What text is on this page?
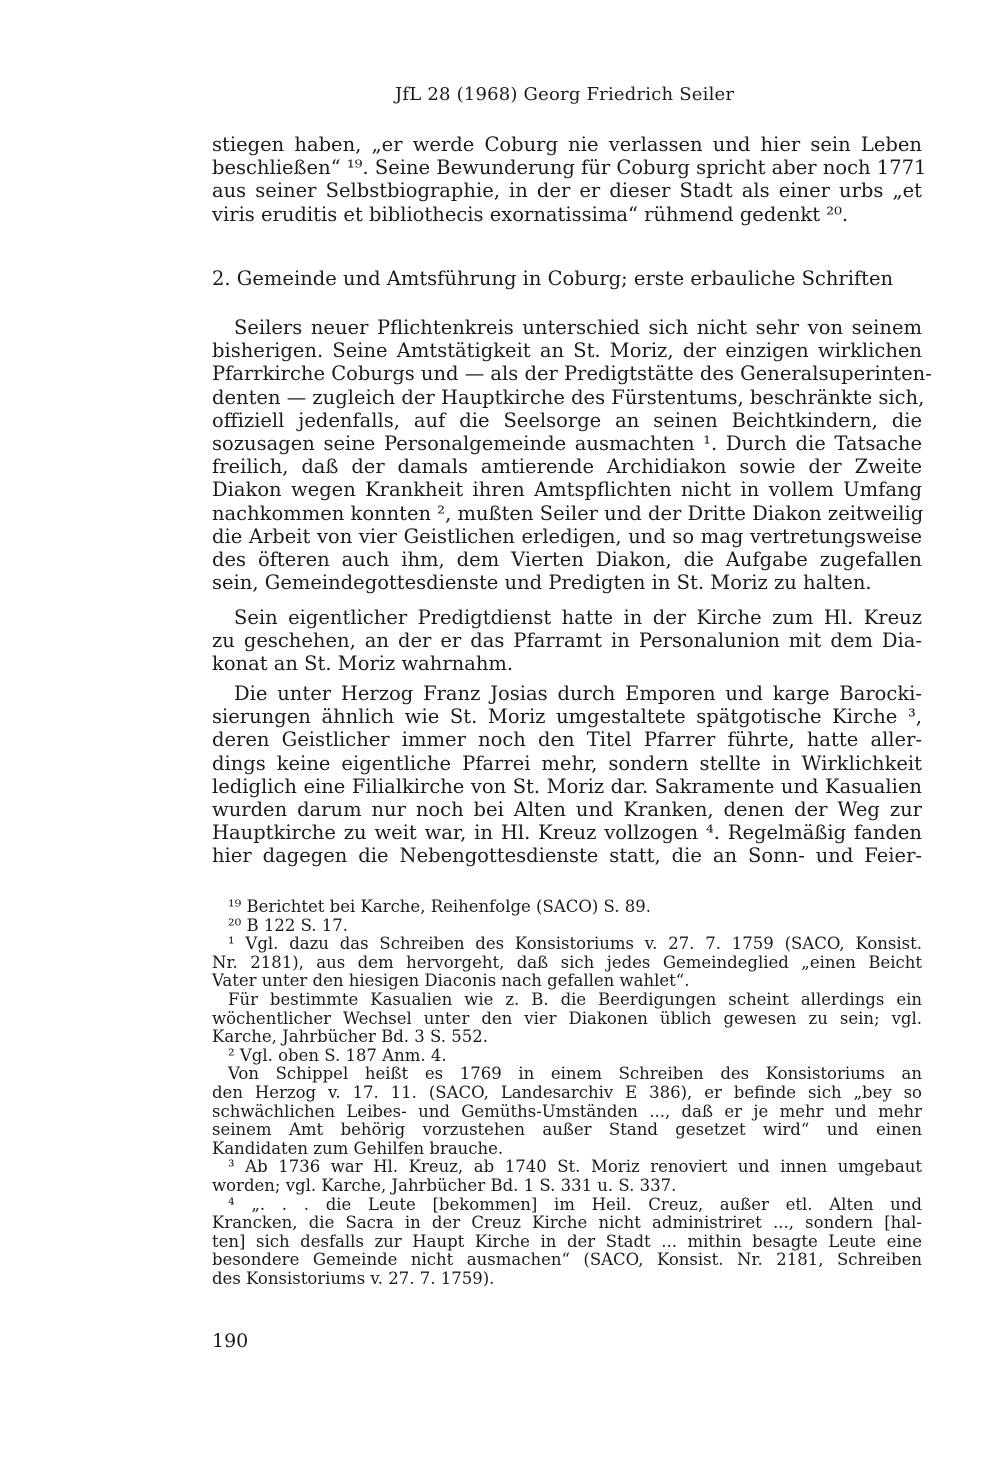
JfL 28 (1968) Georg Friedrich Seiler
stiegen haben, „er werde Coburg nie verlassen und hier sein Leben
beschließen“ ¹⁹. Seine Bewunderung für Coburg spricht aber noch 1771
aus seiner Selbstbiographie, in der er dieser Stadt als einer urbs „et
viris eruditis et bibliothecis exornatissima“ rühmend gedenkt ²⁰.
2. Gemeinde und Amtsführung in Coburg; erste erbauliche Schriften
Seilers neuer Pflichtenkreis unterschied sich nicht sehr von seinem
bisherigen. Seine Amtstätigkeit an St. Moriz, der einzigen wirklichen
Pfarrkirche Coburgs und — als der Predigtstätte des Generalsuperinten-
denten — zugleich der Hauptkirche des Fürstentums, beschränkte sich,
offiziell jedenfalls, auf die Seelsorge an seinen Beichtkindern, die
sozusagen seine Personalgemeinde ausmachten ¹. Durch die Tatsache
freilich, daß der damals amtierende Archidiakon sowie der Zweite
Diakon wegen Krankheit ihren Amtspflichten nicht in vollem Umfang
nachkommen konnten ², mußten Seiler und der Dritte Diakon zeitweilig
die Arbeit von vier Geistlichen erledigen, und so mag vertretungsweise
des öfteren auch ihm, dem Vierten Diakon, die Aufgabe zugefallen
sein, Gemeindegottesdienste und Predigten in St. Moriz zu halten.
Sein eigentlicher Predigtdienst hatte in der Kirche zum Hl. Kreuz
zu geschehen, an der er das Pfarramt in Personalunion mit dem Dia-
konat an St. Moriz wahrnahm.
Die unter Herzog Franz Josias durch Emporen und karge Barocki-
sierungen ähnlich wie St. Moriz umgestaltete spätgotische Kirche ³,
deren Geistlicher immer noch den Titel Pfarrer führte, hatte aller-
dings keine eigentliche Pfarrei mehr, sondern stellte in Wirklichkeit
lediglich eine Filialkirche von St. Moriz dar. Sakramente und Kasualien
wurden darum nur noch bei Alten und Kranken, denen der Weg zur
Hauptkirche zu weit war, in Hl. Kreuz vollzogen ⁴. Regelmäßig fanden
hier dagegen die Nebengottesdienste statt, die an Sonn- und Feier-
¹⁹ Berichtet bei Karche, Reihenfolge (SACO) S. 89.
²⁰ B 122 S. 17.
¹ Vgl. dazu das Schreiben des Konsistoriums v. 27. 7. 1759 (SACO, Konsist.
Nr. 2181), aus dem hervorgeht, daß sich jedes Gemeindeglied „einen Beicht
Vater unter den hiesigen Diaconis nach gefallen wahlet“.
Für bestimmte Kasualien wie z. B. die Beerdigungen scheint allerdings ein
wöchentlicher Wechsel unter den vier Diakonen üblich gewesen zu sein; vgl.
Karche, Jahrbücher Bd. 3 S. 552.
² Vgl. oben S. 187 Anm. 4.
Von Schippel heißt es 1769 in einem Schreiben des Konsistoriums an
den Herzog v. 17. 11. (SACO, Landesarchiv E 386), er befinde sich „bey so
schwächlichen Leibes- und Gemüths-Umständen ..., daß er je mehr und mehr
seinem Amt behörig vorzustehen außer Stand gesetzet wird“ und einen
Kandidaten zum Gehilfen brauche.
³ Ab 1736 war Hl. Kreuz, ab 1740 St. Moriz renoviert und innen umgebaut
worden; vgl. Karche, Jahrbücher Bd. 1 S. 331 u. S. 337.
⁴ „. . . die Leute [bekommen] im Heil. Creuz, außer etl. Alten und
Krancken, die Sacra in der Creuz Kirche nicht administriret ..., sondern [hal-
ten] sich desfalls zur Haupt Kirche in der Stadt ... mithin besagte Leute eine
besondere Gemeinde nicht ausmachen“ (SACO, Konsist. Nr. 2181, Schreiben
des Konsistoriums v. 27. 7. 1759).
190
